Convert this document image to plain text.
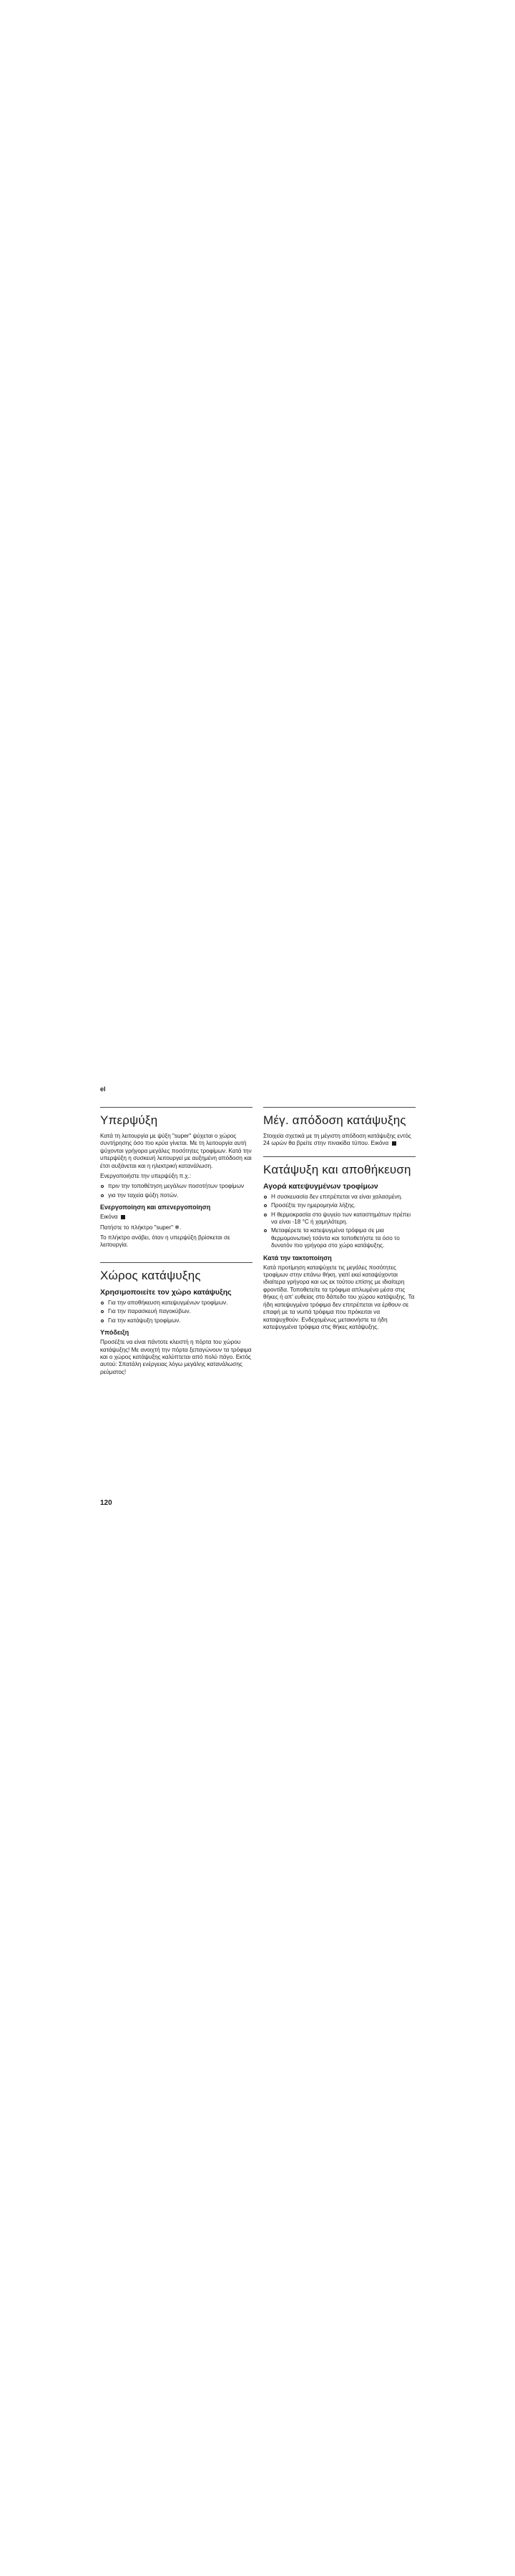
el

Υπερψύξη

Κατά τη λειτουργία με ψύξη "super" ψύχεται ο χώρος συντήρησης όσο πιο κρύα γίνεται. Με τη λειτουργία αυτή ψύχονται γρήγορα μεγάλες ποσότητες τροφίμων. Κατά την υπερψύξη η συσκευή λειτουργεί με αυξημένη απόδοση και έτσι αυξάνεται και η ηλεκτρική κατανάλωση.

Ενεργοποιήστε την υπερψύξη π.χ.:

πριν την τοποθέτηση μεγάλων ποσοτήτων τροφίμων
για την ταχεία ψύξη ποτών.
Ενεργοποίηση και απενεργοποίηση

Εικόνα

Πατήστε το πλήκτρο "super" ❄.

Το πλήκτρο ανάβει, όταν η υπερψύξη βρίσκεται σε λειτουργία.

Χώρος κατάψυξης
Χρησιμοποιείτε τον χώρο κατάψυξης
Για την αποθήκευση κατεψυγμένων τροφίμων.
Για την παρασκευή παγοκύβων.
Για την κατάψυξη τροφίμων.
Υπόδειξη

Προσέξτε να είναι πάντοτε κλειστή η πόρτα του χώρου κατάψυξης! Με ανοιχτή την πόρτα ξεπαγώνουν τα τρόφιμα και ο χώρος κατάψυξης καλύπτεται από πολύ πάγο. Εκτός αυτού: Σπατάλη ενέργειας λόγω μεγάλης κατανάλωσης ρεύματος!

Μέγ. απόδοση κατάψυξης

Στοιχεία σχετικά με τη μέγιστη απόδοση κατάψυξης εντός 24 ωρών θα βρείτε στην πινακίδα τύπου. Εικόνα

Κατάψυξη και αποθήκευση
Αγορά κατεψυγμένων τροφίμων
Η συσκευασία δεν επιτρέπεται να είναι χαλασμένη.
Προσέξτε την ημερομηνία λήξης.
Η θερμοκρασία στο ψυγείο των καταστημάτων πρέπει να είναι -18 °C ή χαμηλότερη.
Μεταφέρετε τα κατεψυγμένα τρόφιμα σε μια θερμομονωτική τσάντα και τοποθετήστε τα όσο το δυνατόν πιο γρήγορα στο χώρο κατάψυξης.
Κατά την τακτοποίηση

Κατά προτίμηση καταψύχετε τις μεγάλες ποσότητες τροφίμων στην επάνω θήκη, γιατί εκεί καταψύχονται ιδιαίτερα γρήγορα και ως εκ τούτου επίσης με ιδιαίτερη φροντίδα. Τοποθετείτε τα τρόφιμα απλωμένα μέσα στις θήκες ή απ' ευθείας στο δάπεδο του χώρου κατάψυξης. Τα ήδη κατεψυγμένα τρόφιμα δεν επιτρέπεται να έρθουν σε επαφή με τα νωπά τρόφιμα που πρόκειται να καταψυχθούν. Ενδεχομένως μετακινήστε τα ήδη κατεψυγμένα τρόφιμα στις θήκες κατάψυξης.

120
